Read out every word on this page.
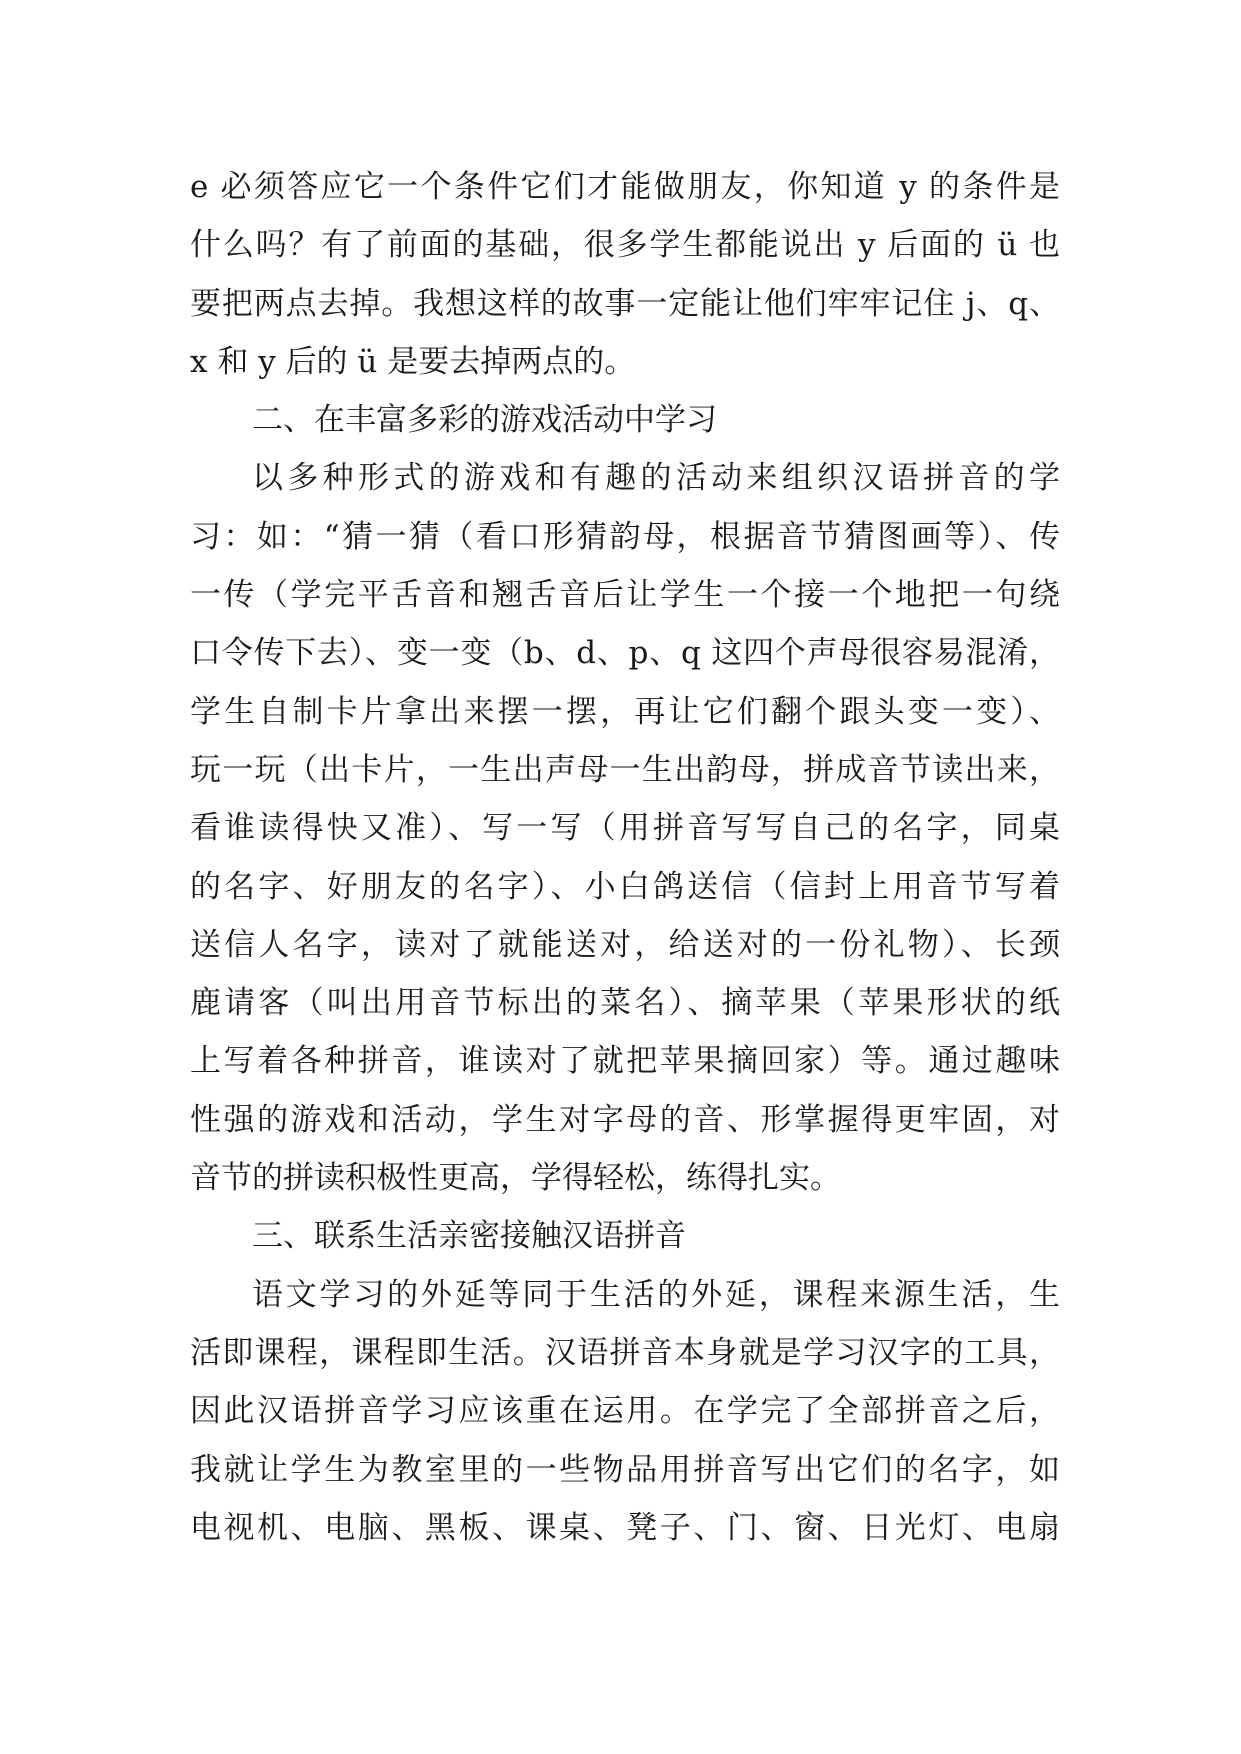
e 必须答应它一个条件它们才能做朋友，你知道 y 的条件是
什么吗？有了前面的基础，很多学生都能说出 y 后面的 ü 也
要把两点去掉。我想这样的故事一定能让他们牢牢记住 j、q、
x 和 y 后的 ü 是要去掉两点的。
二、在丰富多彩的游戏活动中学习
以多种形式的游戏和有趣的活动来组织汉语拼音的学
习：如：“猜一猜（看口形猜韵母，根据音节猜图画等）、传
一传（学完平舌音和翘舌音后让学生一个接一个地把一句绕
口令传下去）、变一变（b、d、p、q 这四个声母很容易混淆，
学生自制卡片拿出来摆一摆，再让它们翻个跟头变一变）、
玩一玩（出卡片，一生出声母一生出韵母，拼成音节读出来，
看谁读得快又准）、写一写（用拼音写写自己的名字，同桌
的名字、好朋友的名字）、小白鸽送信（信封上用音节写着
送信人名字，读对了就能送对，给送对的一份礼物）、长颈
鹿请客（叫出用音节标出的菜名）、摘苹果（苹果形状的纸
上写着各种拼音，谁读对了就把苹果摘回家）等。通过趣味
性强的游戏和活动，学生对字母的音、形掌握得更牢固，对
音节的拼读积极性更高，学得轻松，练得扎实。
三、联系生活亲密接触汉语拼音
语文学习的外延等同于生活的外延，课程来源生活，生
活即课程，课程即生活。汉语拼音本身就是学习汉字的工具，
因此汉语拼音学习应该重在运用。在学完了全部拼音之后，
我就让学生为教室里的一些物品用拼音写出它们的名字，如
电视机、电脑、黑板、课桌、凳子、门、窗、日光灯、电扇
